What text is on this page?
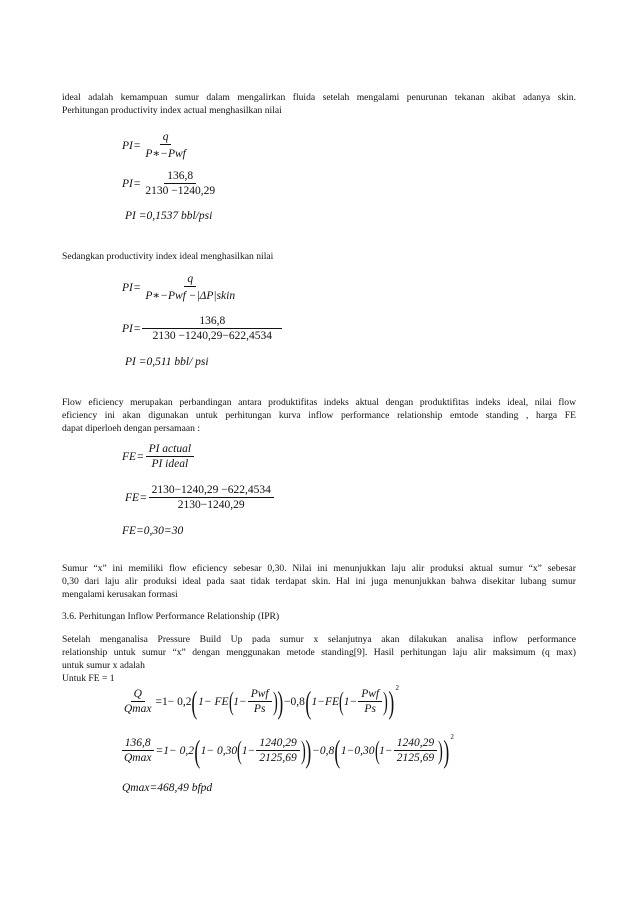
ideal adalah kemampuan sumur dalam mengalirkan fluida setelah mengalami penurunan tekanan akibat adanya skin.
Perhitungan productivity index actual menghasilkan nilai
PI = $\frac{q}{\text{P∗−Pwf}}$
PI = $\frac{136,8}{2130 -1240,29}$
PI =0,1537 bbl/psi
Sedangkan productivity index ideal menghasilkan nilai
PI = $\frac{q}{\text{P∗−Pwf −|ΔP|skin}}$
PI = $\frac{136,8}{2130 -1240,29-622,4534}$
PI =0,511 bbl/ psi
Flow eficiency merupakan perbandingan antara produktifitas indeks aktual dengan produktifitas indeks ideal, nilai flow
eficiency ini akan digunakan untuk perhitungan kurva inflow performance relationship emtode standing , harga FE
dapat diperloeh dengan persamaan :
FE = $\frac{\text{PI actual}}{\text{PI ideal}}$
FE = $\frac{2130-1240,29 -622,4534}{2130-1240,29}$
FE=0,30=30
Sumur “x” ini memiliki flow eficiency sebesar 0,30. Nilai ini menunjukkan laju alir produksi aktual sumur “x” sebesar
0,30 dari laju alir produksi ideal pada saat tidak terdapat skin. Hal ini juga menunjukkan bahwa disekitar lubang sumur
mengalami kerusakan formasi
3.6. Perhitungan Inflow Performance Relationship (IPR)
Setelah menganalisa Pressure Build Up pada sumur x selanjutnya akan dilakukan analisa inflow performance
relationship untuk sumur “x” dengan menggunakan metode standing[9]. Hasil perhitungan laju alir maksimum (q max)
untuk sumur x adalah
Untuk FE = 1
$\frac{Q}{Qmax} =1- 0,2$ ( 1− FE ( $1- \frac{\text{Pwf}}{Ps}$ ) ) −0,8 ( 1−FE ( $1- \frac{\text{Pwf}}{Ps}$ ) ) 2
$\frac{136,8}{Qmax} =1- 0,2$ ( 1− 0,30 ( $1- \frac{1240,29}{2125,69}$ ) ) −0,8 ( 1−0,30 ( $1- \frac{1240,29}{2125,69}$ ) ) 2
Qmax=468,49 bfpd
